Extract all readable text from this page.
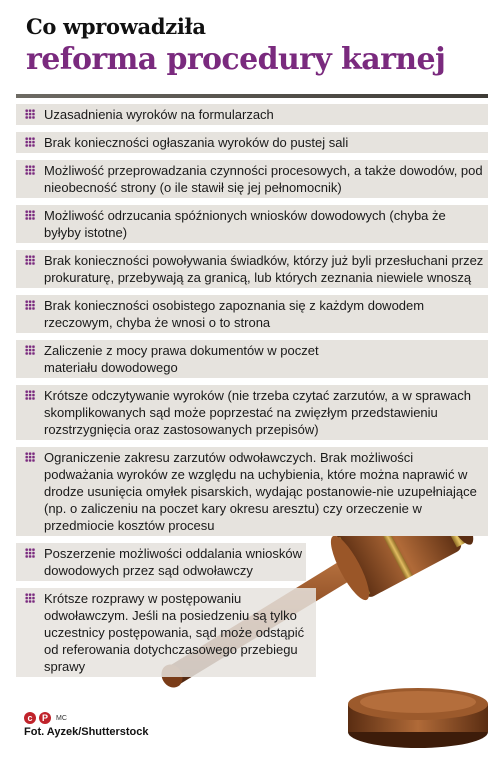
Co wprowadziła
reforma procedury karnej
Uzasadnienia wyroków na formularzach
Brak konieczności ogłaszania wyroków do pustej sali
Możliwość przeprowadzania czynności procesowych, a także dowodów, pod nieobecność strony (o ile stawił się jej pełnomocnik)
Możliwość odrzucania spóźnionych wniosków dowodowych (chyba że byłyby istotne)
Brak konieczności powoływania świadków, którzy już byli przesłuchani przez prokuraturę, przebywają za granicą, lub których zeznania niewiele wnoszą
Brak konieczności osobistego zapoznania się z każdym dowodem rzeczowym, chyba że wnosi o to strona
Zaliczenie z mocy prawa dokumentów w poczet materiału dowodowego
Krótsze odczytywanie wyroków (nie trzeba czytać zarzutów, a w sprawach skomplikowanych sąd może poprzestać na zwięzłym przedstawieniu rozstrzygnięcia oraz zastosowanych przepisów)
Ograniczenie zakresu zarzutów odwoławczych. Brak możliwości podważania wyroków ze względu na uchybienia, które można naprawić w drodze usunięcia omyłek pisarskich, wydając postanowie-nie uzupełniające (np. o zaliczeniu na poczet kary okresu aresztu) czy orzeczenie w przedmiocie kosztów procesu
Poszerzenie możliwości oddalania wniosków dowodowych przez sąd odwoławczy
Krótsze rozprawy w postępowaniu odwoławczym. Jeśli na posiedzeniu są tylko uczestnicy postępowania, sąd może odstąpić od referowania dotychczasowego przebiegu sprawy
c	P	MC
Fot. Ayzek/Shutterstock
